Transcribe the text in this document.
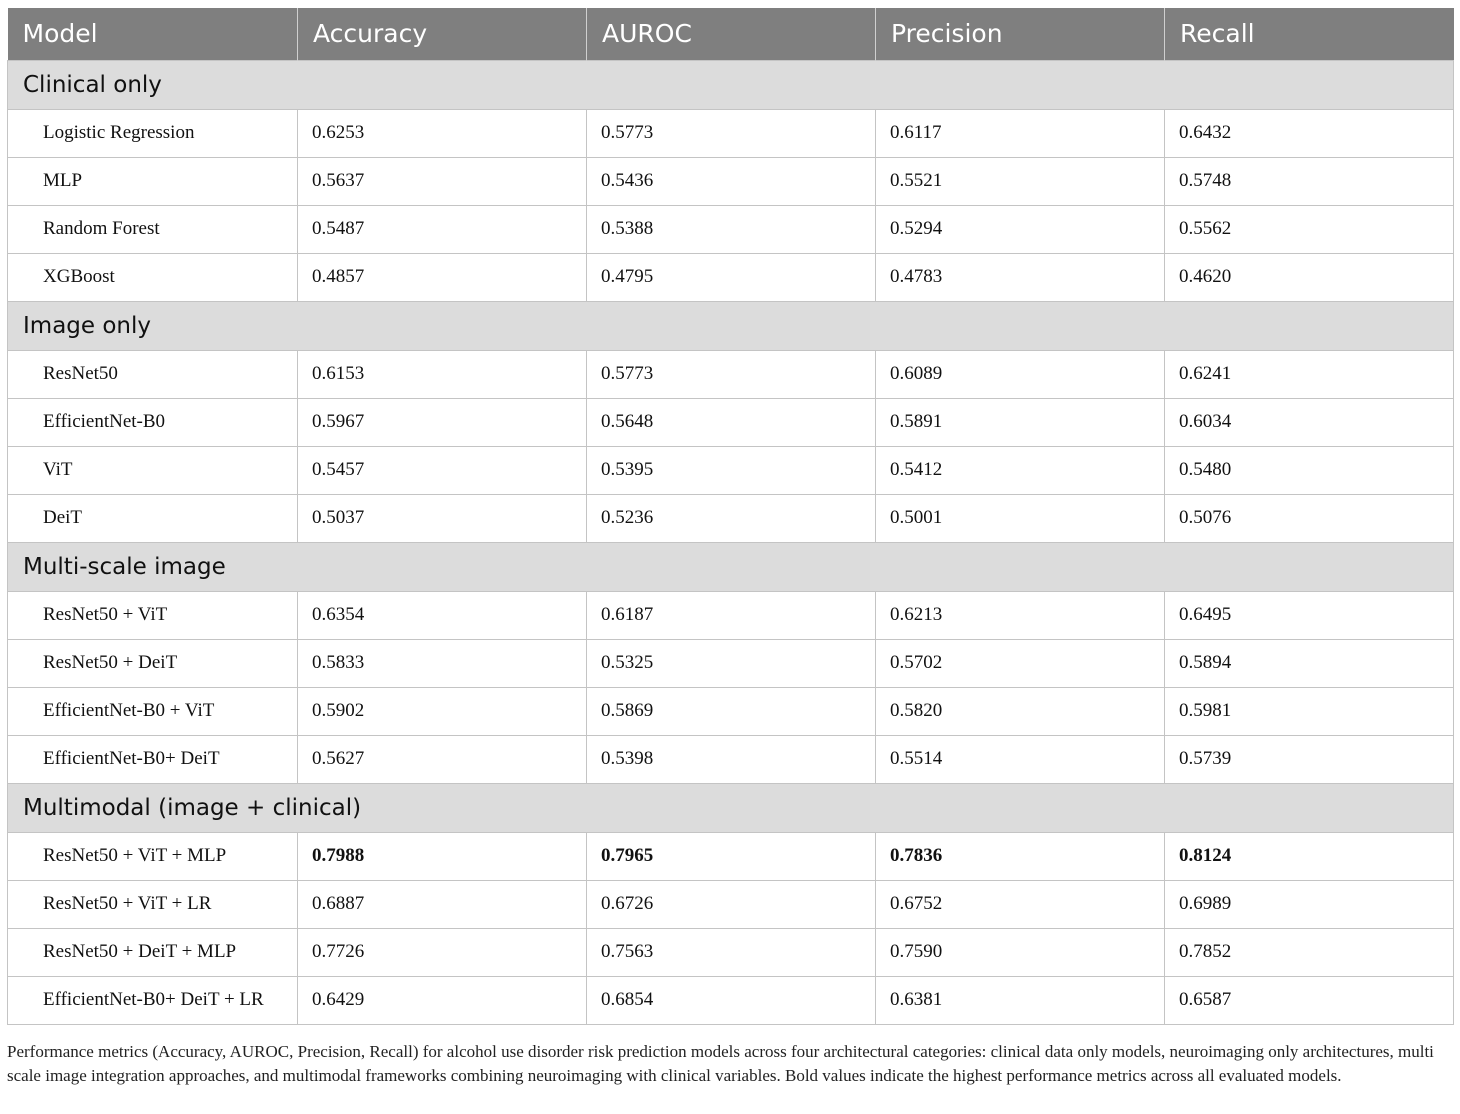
Model	Accuracy	AUROC	Precision	Recall
Clinical only				
Logistic Regression	0.6253	0.5773	0.6117	0.6432
MLP	0.5637	0.5436	0.5521	0.5748
Random Forest	0.5487	0.5388	0.5294	0.5562
XGBoost	0.4857	0.4795	0.4783	0.4620
Image only				
ResNet50	0.6153	0.5773	0.6089	0.6241
EfficientNet-B0	0.5967	0.5648	0.5891	0.6034
ViT	0.5457	0.5395	0.5412	0.5480
DeiT	0.5037	0.5236	0.5001	0.5076
Multi-scale image				
ResNet50 + ViT	0.6354	0.6187	0.6213	0.6495
ResNet50 + DeiT	0.5833	0.5325	0.5702	0.5894
EfficientNet-B0 + ViT	0.5902	0.5869	0.5820	0.5981
EfficientNet-B0+ DeiT	0.5627	0.5398	0.5514	0.5739
Multimodal (image + clinical)				
ResNet50 + ViT + MLP	0.7988	0.7965	0.7836	0.8124
ResNet50 + ViT + LR	0.6887	0.6726	0.6752	0.6989
ResNet50 + DeiT + MLP	0.7726	0.7563	0.7590	0.7852
EfficientNet-B0+ DeiT + LR	0.6429	0.6854	0.6381	0.6587
Performance metrics (Accuracy, AUROC, Precision, Recall) for alcohol use disorder risk prediction models across four architectural categories: clinical data only models, neuroimaging only architectures, multi scale image integration approaches, and multimodal frameworks combining neuroimaging with clinical variables. Bold values indicate the highest performance metrics across all evaluated models.
